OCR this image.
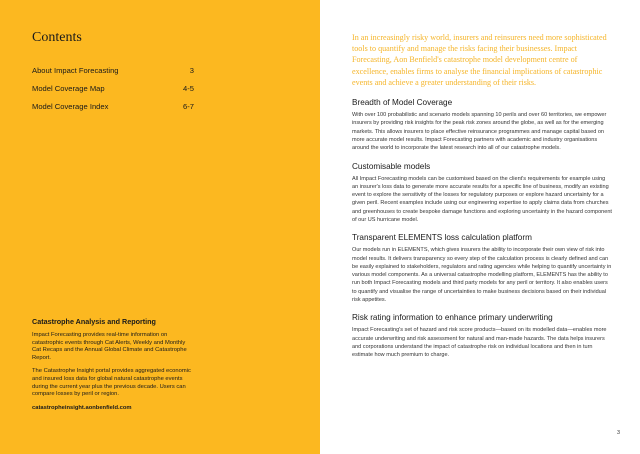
Contents
About Impact Forecasting	3
Model Coverage Map	4-5
Model Coverage Index	6-7
Catastrophe Analysis and Reporting

Impact Forecasting provides real-time information on catastrophic events through Cat Alerts, Weekly and Monthly Cat Recaps and the Annual Global Climate and Catastrophe Report.

The Catastrophe Insight portal provides aggregated economic and insured loss data for global natural catastrophe events during the current year plus the previous decade. Users can compare losses by peril or region.

catastropheinsight.aonbenfield.com

In an increasingly risky world, insurers and reinsurers need more sophisticated tools to quantify and manage the risks facing their businesses. Impact Forecasting, Aon Benfield's catastrophe model development centre of excellence, enables firms to analyse the financial implications of catastrophic events and achieve a greater understanding of their risks.

Breadth of Model Coverage

With over 100 probabilistic and scenario models spanning 10 perils and over 60 territories, we empower insurers by providing risk insights for the peak risk zones around the globe, as well as for the emerging markets. This allows insurers to place effective reinsurance programmes and manage capital based on more accurate model results. Impact Forecasting partners with academic and industry organisations around the world to incorporate the latest research into all of our catastrophe models.

Customisable models

All Impact Forecasting models can be customised based on the client's requirements for example using an insurer's loss data to generate more accurate results for a specific line of business, modify an existing event to explore the sensitivity of the losses for regulatory purposes or explore hazard uncertainty for a given peril. Recent examples include using our engineering expertise to apply claims data from churches and greenhouses to create bespoke damage functions and exploring uncertainty in the hazard component of our US hurricane model.

Transparent ELEMENTS loss calculation platform

Our models run in ELEMENTS, which gives insurers the ability to incorporate their own view of risk into model results. It delivers transparency so every step of the calculation process is clearly defined and can be easily explained to stakeholders, regulators and rating agencies while helping to quantify uncertainty in various model components. As a universal catastrophe modelling platform, ELEMENTS has the ability to run both Impact Forecasting models and third party models for any peril or territory. It also enables users to quantify and visualise the range of uncertainties to make business decisions based on their individual risk appetites.

Risk rating information to enhance primary underwriting

Impact Forecasting's set of hazard and risk score products—based on its modelled data—enables more accurate underwriting and risk assessment for natural and man-made hazards. The data helps insurers and corporations understand the impact of catastrophe risk on individual locations and then in turn estimate how much premium to charge.

3
